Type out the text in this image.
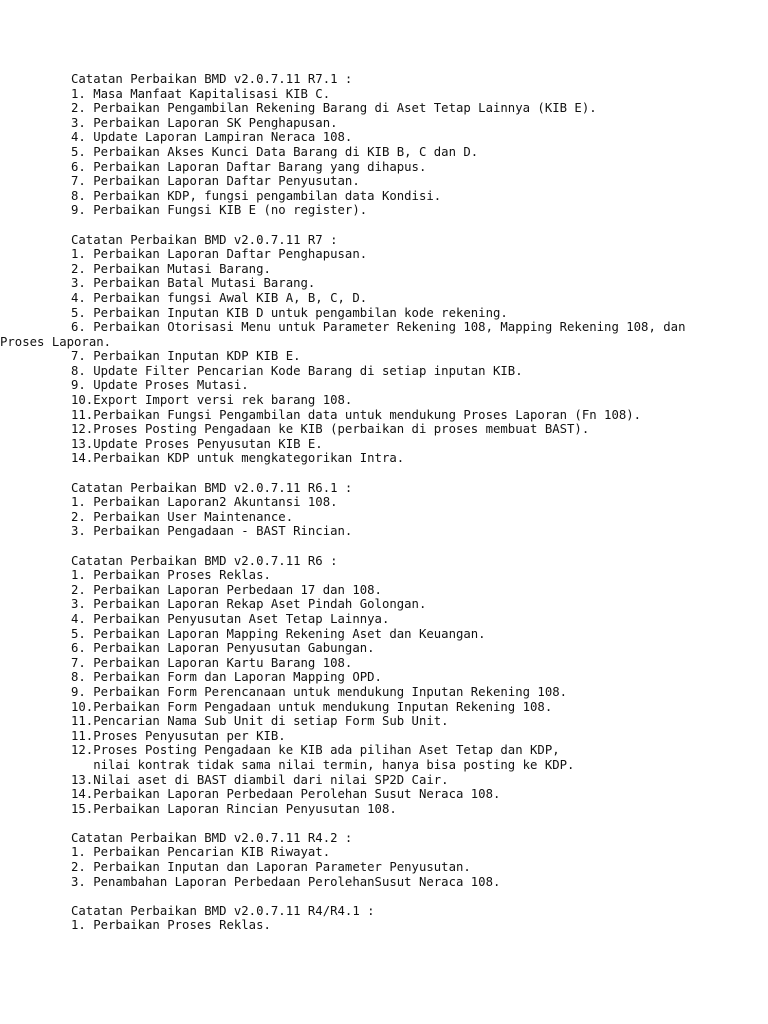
Catatan Perbaikan BMD v2.0.7.11 R7.1 :
1. Masa Manfaat Kapitalisasi KIB C.
2. Perbaikan Pengambilan Rekening Barang di Aset Tetap Lainnya (KIB E).
3. Perbaikan Laporan SK Penghapusan.
4. Update Laporan Lampiran Neraca 108.
5. Perbaikan Akses Kunci Data Barang di KIB B, C dan D.
6. Perbaikan Laporan Daftar Barang yang dihapus.
7. Perbaikan Laporan Daftar Penyusutan.
8. Perbaikan KDP, fungsi pengambilan data Kondisi.
9. Perbaikan Fungsi KIB E (no register).
Catatan Perbaikan BMD v2.0.7.11 R7 :
1. Perbaikan Laporan Daftar Penghapusan.
2. Perbaikan Mutasi Barang.
3. Perbaikan Batal Mutasi Barang.
4. Perbaikan fungsi Awal KIB A, B, C, D.
5. Perbaikan Inputan KIB D untuk pengambilan kode rekening.
6. Perbaikan Otorisasi Menu untuk Parameter Rekening 108, Mapping Rekening 108, dan
Proses Laporan.
7. Perbaikan Inputan KDP KIB E.
8. Update Filter Pencarian Kode Barang di setiap inputan KIB.
9. Update Proses Mutasi.
10.Export Import versi rek barang 108.
11.Perbaikan Fungsi Pengambilan data untuk mendukung Proses Laporan (Fn 108).
12.Proses Posting Pengadaan ke KIB (perbaikan di proses membuat BAST).
13.Update Proses Penyusutan KIB E.
14.Perbaikan KDP untuk mengkategorikan Intra.
Catatan Perbaikan BMD v2.0.7.11 R6.1 :
1. Perbaikan Laporan2 Akuntansi 108.
2. Perbaikan User Maintenance.
3. Perbaikan Pengadaan - BAST Rincian.
Catatan Perbaikan BMD v2.0.7.11 R6 :
1. Perbaikan Proses Reklas.
2. Perbaikan Laporan Perbedaan 17 dan 108.
3. Perbaikan Laporan Rekap Aset Pindah Golongan.
4. Perbaikan Penyusutan Aset Tetap Lainnya.
5. Perbaikan Laporan Mapping Rekening Aset dan Keuangan.
6. Perbaikan Laporan Penyusutan Gabungan.
7. Perbaikan Laporan Kartu Barang 108.
8. Perbaikan Form dan Laporan Mapping OPD.
9. Perbaikan Form Perencanaan untuk mendukung Inputan Rekening 108.
10.Perbaikan Form Pengadaan untuk mendukung Inputan Rekening 108.
11.Pencarian Nama Sub Unit di setiap Form Sub Unit.
11.Proses Penyusutan per KIB.
12.Proses Posting Pengadaan ke KIB ada pilihan Aset Tetap dan KDP,
nilai kontrak tidak sama nilai termin, hanya bisa posting ke KDP.
13.Nilai aset di BAST diambil dari nilai SP2D Cair.
14.Perbaikan Laporan Perbedaan Perolehan Susut Neraca 108.
15.Perbaikan Laporan Rincian Penyusutan 108.
Catatan Perbaikan BMD v2.0.7.11 R4.2 :
1. Perbaikan Pencarian KIB Riwayat.
2. Perbaikan Inputan dan Laporan Parameter Penyusutan.
3. Penambahan Laporan Perbedaan PerolehanSusut Neraca 108.
Catatan Perbaikan BMD v2.0.7.11 R4/R4.1 :
1. Perbaikan Proses Reklas.
